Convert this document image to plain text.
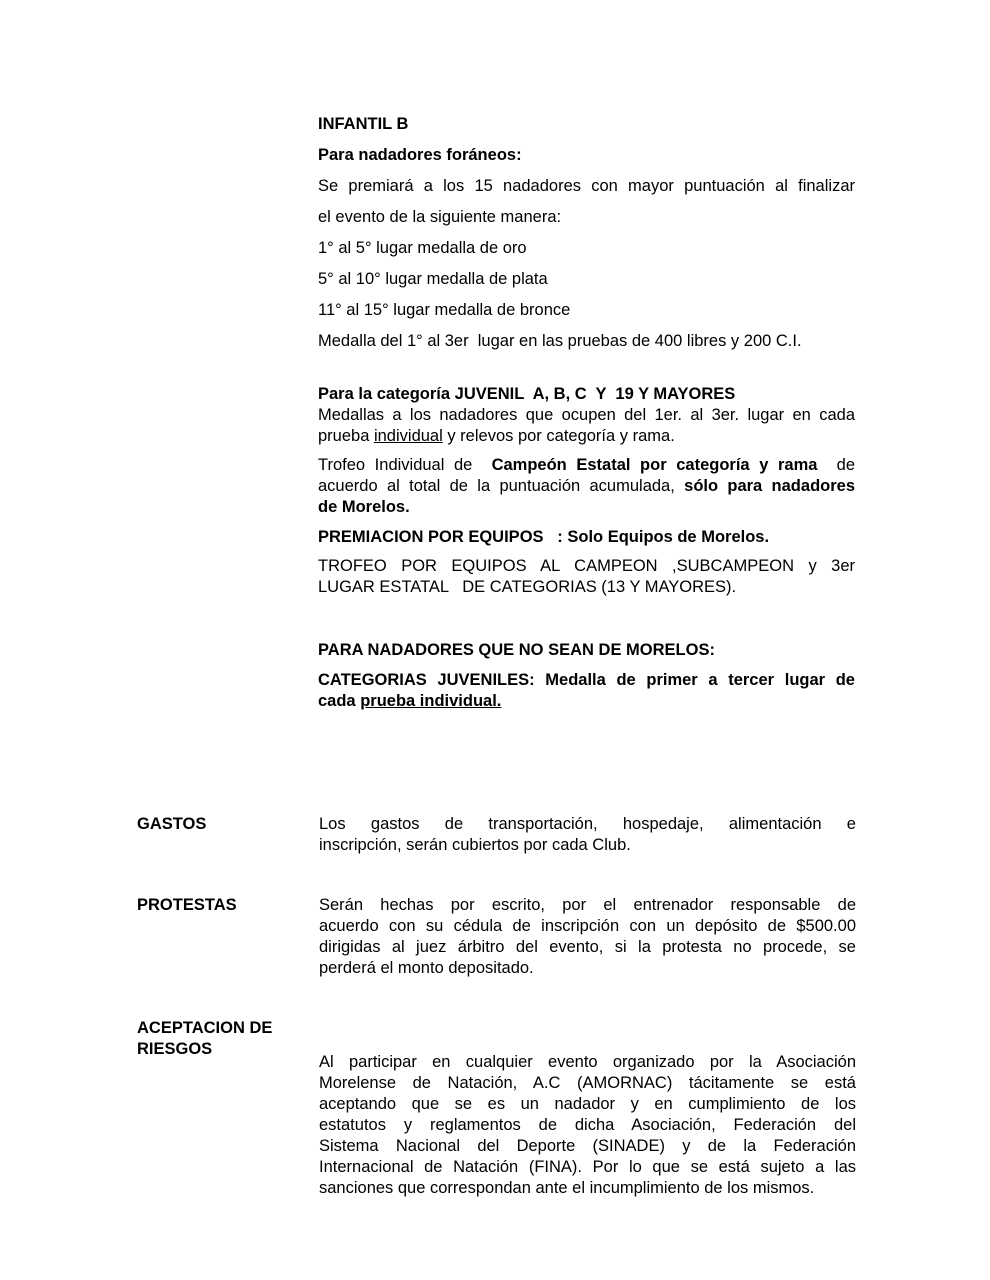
INFANTIL B

Para nadadores foráneos:

Se premiará a los 15 nadadores con mayor puntuación al finalizar
el evento de la siguiente manera:

1° al 5° lugar medalla de oro

5° al 10° lugar medalla de plata

11° al 15° lugar medalla de bronce

Medalla del 1° al 3er  lugar en las pruebas de 400 libres y 200 C.I.

Para la categoría JUVENIL  A, B, C  Y  19 Y MAYORES

Medallas a los nadadores que ocupen del 1er. al 3er. lugar en cada
prueba individual y relevos por categoría y rama.
Trofeo Individual de  Campeón Estatal por categoría y rama  de
acuerdo al total de la puntuación acumulada, sólo para nadadores
de Morelos.

PREMIACION POR EQUIPOS   : Solo Equipos de Morelos.

TROFEO POR EQUIPOS AL CAMPEON ,SUBCAMPEON y 3er
LUGAR ESTATAL   DE CATEGORIAS (13 Y MAYORES).

PARA NADADORES QUE NO SEAN DE MORELOS:

CATEGORIAS JUVENILES: Medalla de primer a tercer lugar de
cada prueba individual.
GASTOS	Los gastos de transportación, hospedaje, alimentación e
inscripción, serán cubiertos por cada Club.
PROTESTAS	Serán hechas por escrito, por el entrenador responsable de
acuerdo con su cédula de inscripción con un depósito de $500.00
dirigidas al juez árbitro del evento, si la protesta no procede, se
perderá el monto depositado.
ACEPTACION DE RIESGOS
Al participar en cualquier evento organizado por la Asociación
Morelense de Natación, A.C (AMORNAC) tácitamente se está
aceptando que se es un nadador y en cumplimiento de los
estatutos y reglamentos de dicha Asociación, Federación del
Sistema Nacional del Deporte (SINADE) y de la Federación
Internacional de Natación (FINA). Por lo que se está sujeto a las
sanciones que correspondan ante el incumplimiento de los mismos.
